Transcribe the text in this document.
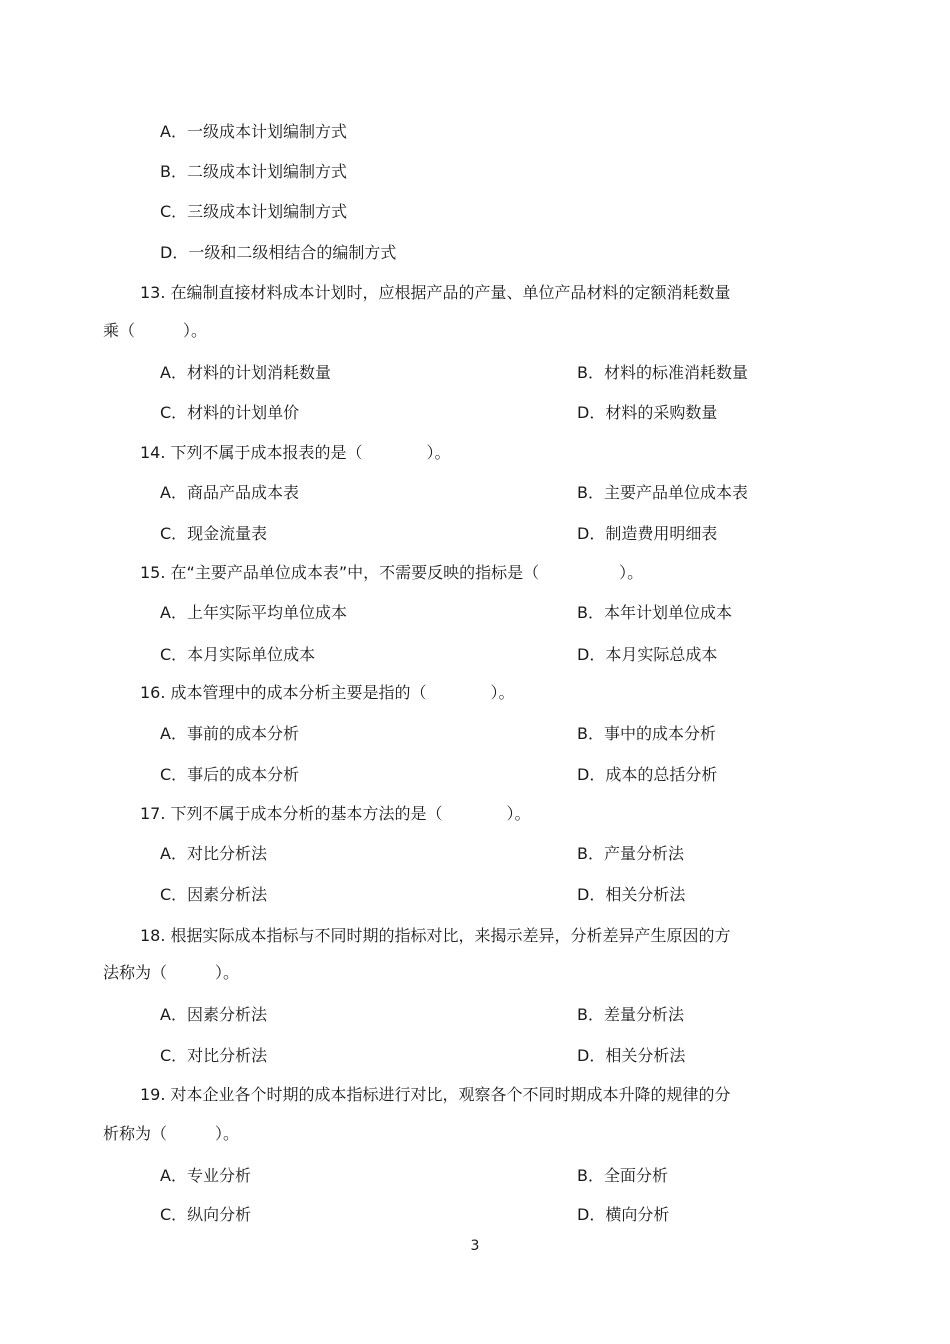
A．一级成本计划编制方式
B．二级成本计划编制方式
C．三级成本计划编制方式
D．一级和二级相结合的编制方式
13. 在编制直接材料成本计划时，应根据产品的产量、单位产品材料的定额消耗数量
乘（　　　）。
A．材料的计划消耗数量	B．材料的标准消耗数量
C．材料的计划单价	D．材料的采购数量
14. 下列不属于成本报表的是（　　　　）。
A．商品产品成本表	B．主要产品单位成本表
C．现金流量表	D．制造费用明细表
15. 在“主要产品单位成本表”中，不需要反映的指标是（　　　　　）。
A．上年实际平均单位成本	B．本年计划单位成本
C．本月实际单位成本	D．本月实际总成本
16. 成本管理中的成本分析主要是指的（　　　　）。
A．事前的成本分析	B．事中的成本分析
C．事后的成本分析	D．成本的总括分析
17. 下列不属于成本分析的基本方法的是（　　　　）。
A．对比分析法	B．产量分析法
C．因素分析法	D．相关分析法
18. 根据实际成本指标与不同时期的指标对比，来揭示差异，分析差异产生原因的方
法称为（　　　）。
A．因素分析法	B．差量分析法
C．对比分析法	D．相关分析法
19. 对本企业各个时期的成本指标进行对比，观察各个不同时期成本升降的规律的分
析称为（　　　）。
A．专业分析	B．全面分析
C．纵向分析	D．横向分析
3
